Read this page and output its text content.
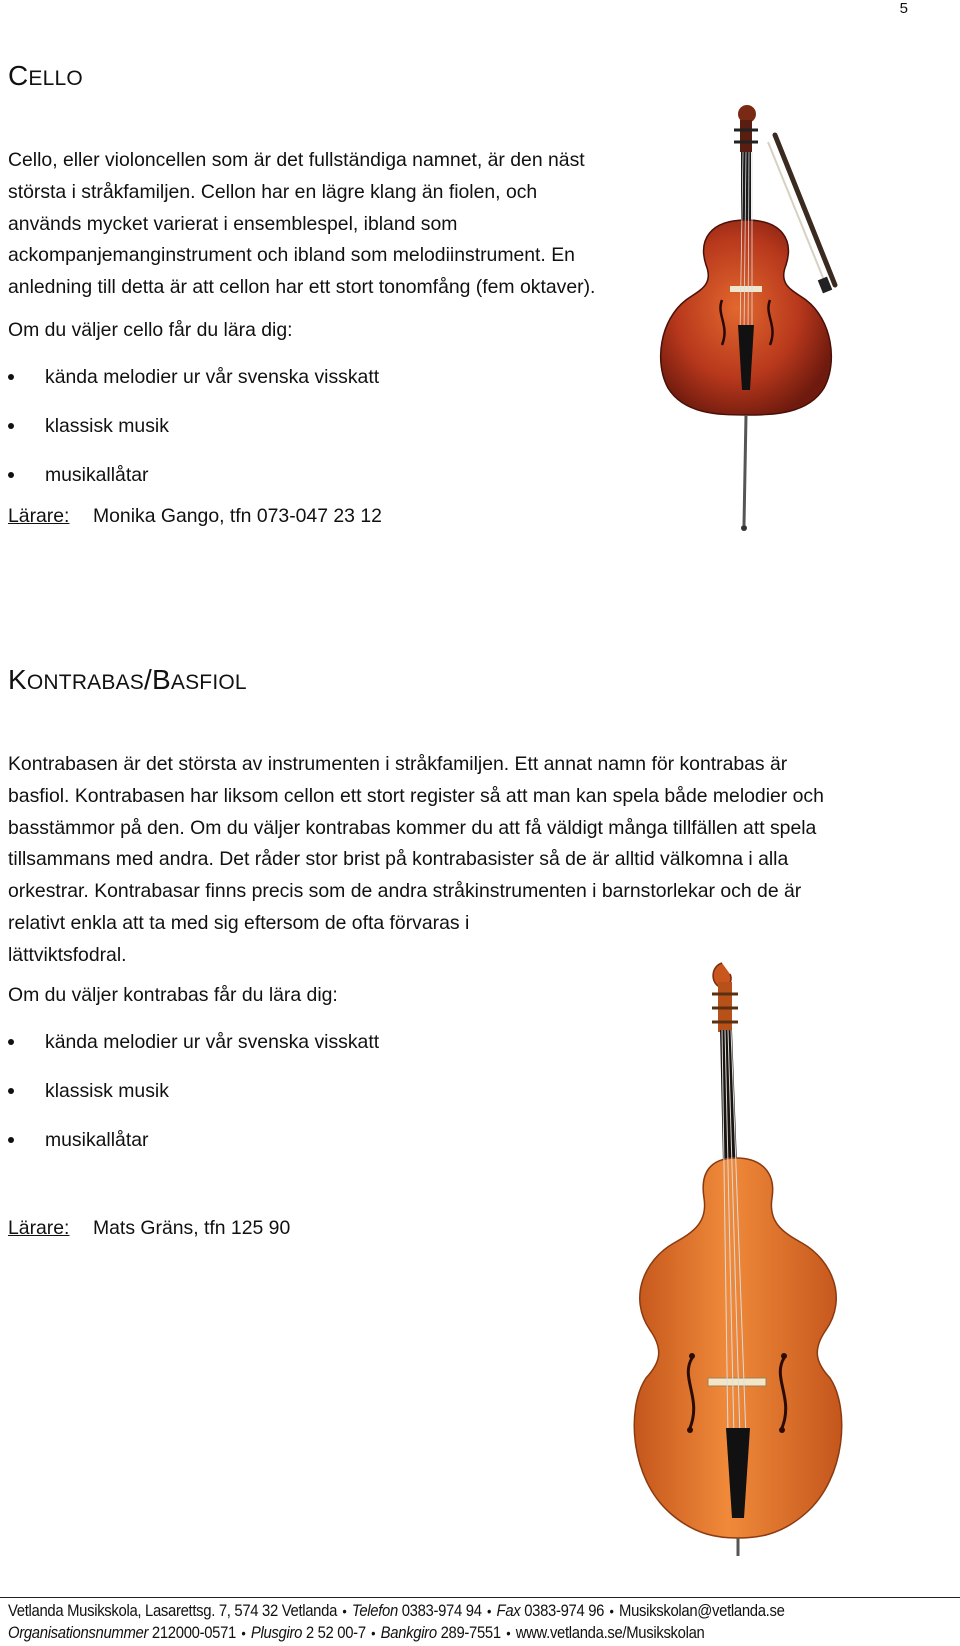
5
CELLO
Cello, eller violoncellen som är det fullständiga namnet, är den näst
största i stråkfamiljen. Cellon har en lägre klang än fiolen, och
används mycket varierat i ensemblespel, ibland som
ackompanjemanginstrument och ibland som melodiinstrument. En
anledning till detta är att cellon har ett stort tonomfång (fem oktaver).
Om du väljer cello får du lära dig:
kända melodier ur vår svenska visskatt
klassisk musik
musikallåtar
Lärare: Monika Gango, tfn 073-047 23 12
KONTRABAS/BASFIOL
Kontrabasen är det största av instrumenten i stråkfamiljen. Ett annat namn för kontrabas är
basfiol. Kontrabasen har liksom cellon ett stort register så att man kan spela både melodier och
basstämmor på den. Om du väljer kontrabas kommer du att få väldigt många tillfällen att spela
tillsammans med andra. Det råder stor brist på kontrabasister så de är alltid välkomna i alla
orkestrar. Kontrabasar finns precis som de andra stråkinstrumenten i barnstorlekar och de är
relativt enkla att ta med sig eftersom de ofta förvaras i
lättviktsfodral.
Om du väljer kontrabas får du lära dig:
kända melodier ur vår svenska visskatt
klassisk musik
musikallåtar
Lärare: Mats Gräns, tfn 125 90
Vetlanda Musikskola, Lasarettsg. 7, 574 32 Vetlanda • Telefon 0383-974 94 • Fax 0383-974 96 • Musikskolan@vetlanda.se
Organisationsnummer 212000-0571 • Plusgiro 2 52 00-7 • Bankgiro 289-7551 • www.vetlanda.se/Musikskolan
